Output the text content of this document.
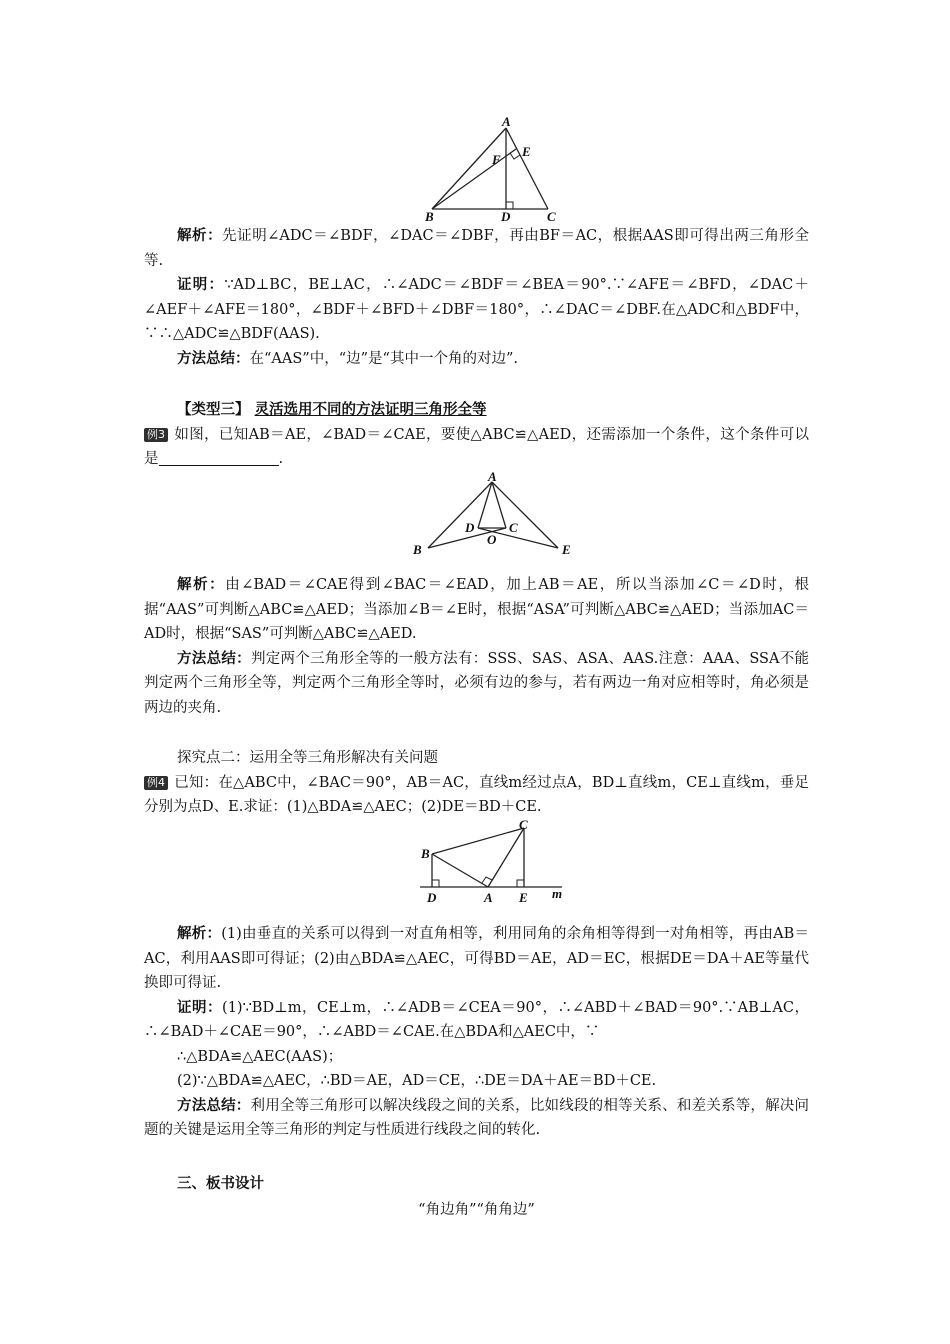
A
E
F
B	D	C

解析：先证明∠ADC＝∠BDF，∠DAC＝∠DBF，再由BF＝AC，根据AAS即可得出两三角形全等.

证明：∵AD⊥BC，BE⊥AC，∴∠ADC＝∠BDF＝∠BEA＝90°.∵∠AFE＝∠BFD，∠DAC＋∠AEF＋∠AFE＝180°，∠BDF＋∠BFD＋∠DBF＝180°，∴∠DAC＝∠DBF.在△ADC和△BDF中，∵∴△ADC≌△BDF(AAS).

方法总结：在“AAS”中，“边”是“其中一个角的对边”.

【类型三】 灵活选用不同的方法证明三角形全等

例3 如图，已知AB＝AE，∠BAD＝∠CAE，要使△ABC≌△AED，还需添加一个条件，这个条件可以是	.

A
D	C
O
B	E

解析：由∠BAD＝∠CAE得到∠BAC＝∠EAD，加上AB＝AE，所以当添加∠C＝∠D时，根据“AAS”可判断△ABC≌△AED；当添加∠B＝∠E时，根据“ASA”可判断△ABC≌△AED；当添加AC＝AD时，根据“SAS”可判断△ABC≌△AED.

方法总结：判定两个三角形全等的一般方法有：SSS、SAS、ASA、AAS.注意：AAA、SSA不能判定两个三角形全等，判定两个三角形全等时，必须有边的参与，若有两边一角对应相等时，角必须是两边的夹角.

探究点二：运用全等三角形解决有关问题

例4 已知：在△ABC中，∠BAC＝90°，AB＝AC，直线m经过点A，BD⊥直线m，CE⊥直线m，垂足分别为点D、E.求证：(1)△BDA≌△AEC；(2)DE＝BD＋CE.

C
B
D	A E m

解析：(1)由垂直的关系可以得到一对直角相等，利用同角的余角相等得到一对角相等，再由AB＝AC，利用AAS即可得证；(2)由△BDA≌△AEC，可得BD＝AE，AD＝EC，根据DE＝DA＋AE等量代换即可得证.

证明：(1)∵BD⊥m，CE⊥m，∴∠ADB＝∠CEA＝90°，∴∠ABD＋∠BAD＝90°.∵AB⊥AC，∴∠BAD＋∠CAE＝90°，∴∠ABD＝∠CAE.在△BDA和△AEC中，∵

∴△BDA≌△AEC(AAS)；

(2)∵△BDA≌△AEC，∴BD＝AE，AD＝CE，∴DE＝DA＋AE＝BD＋CE.

方法总结：利用全等三角形可以解决线段之间的关系，比如线段的相等关系、和差关系等，解决问题的关键是运用全等三角形的判定与性质进行线段之间的转化.

三、板书设计

“角边角”“角角边”
